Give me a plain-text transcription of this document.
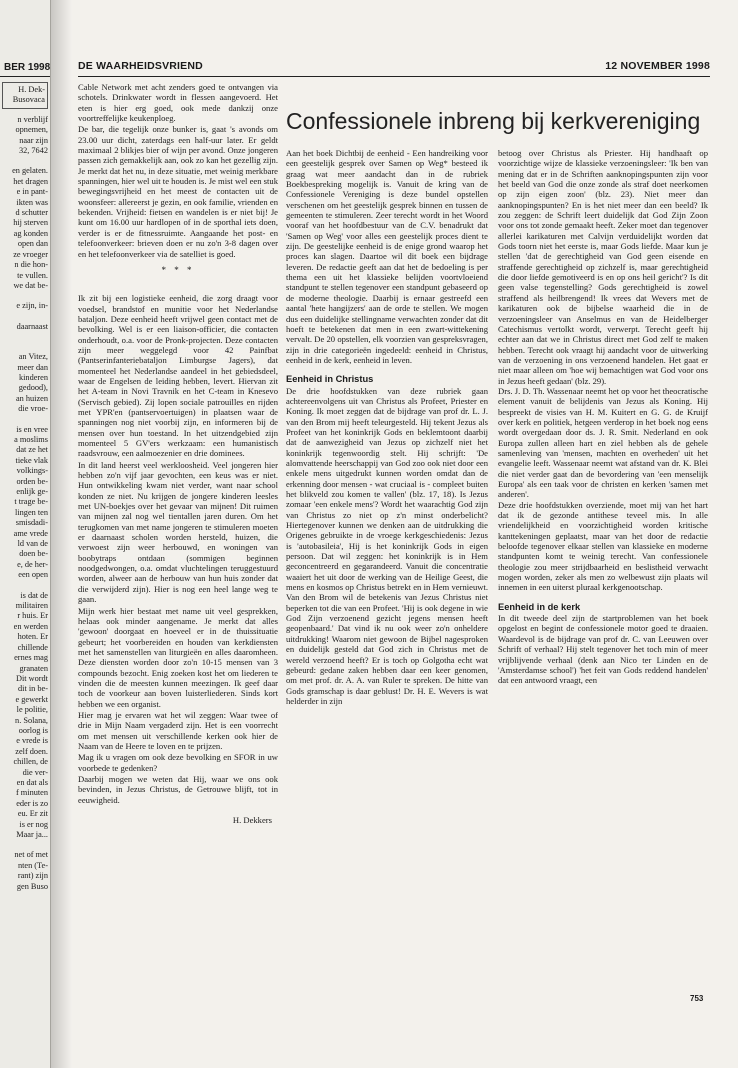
BER 1998
H. Dek-
Busovaca
n verblijf
opnemen,
naar zijn
32, 7642
en gelaten.
het dragen
e in pant-
ikten was
d schutter
hij sterven
ag konden
open dan
ze vroeger
n die hon-
te vullen.
we dat be-
e zijn, in-
daarnaast
an Vitez,
meer dan
kinderen
gedood),
an huizen
die vroe-
is en vree
a moslims
dat ze het
tieke vlak
volkings-
orden be-
enlijk ge-
t trage be-
lingen ten
smisdadi-
ame vrede
ld van de
doen be-
e, de her-
een open
is dat de
militairen
r huis. Er
en werden
hoten. Er
chillende
ernes mag
granaten
Dit wordt
dit in be-
e gewerkt
le politie,
n. Solana,
oorlog is
e vrede is
zelf doen.
chillen, de
die ver-
en dat als
f minuten
eder is zo
eu. Er zit
is er nog
Maar ja...
net of met
nten (Te-
rant) zijn
gen Buso
DE WAARHEIDSVRIEND	12 NOVEMBER 1998

Cable Network met acht zenders goed te ontvangen via schotels. Drinkwater wordt in flessen aangevoerd. Het eten is hier erg goed, ook mede dankzij onze voortreffelijke keukenploeg.

De bar, die tegelijk onze bunker is, gaat 's avonds om 23.00 uur dicht, zaterdags een half-uur later. Er geldt maximaal 2 blikjes bier of wijn per avond. Onze jongeren passen zich gemakkelijk aan, ook zo kan het gezellig zijn. Je merkt dat het nu, in deze situatie, met weinig merkbare spanningen, hier wel uit te houden is. Je mist wel een stuk bewegingsvrijheid en het meest de contacten uit de woonsfeer: allereerst je gezin, en ook familie, vrienden en bekenden. Vrijheid: fietsen en wandelen is er niet bij! Je kunt om 16.00 uur hardlopen of in de sporthal iets doen, verder is er de fitnessruimte. Aangaande het post- en telefoonverkeer: brieven doen er nu zo'n 3-8 dagen over en het telefoonverkeer via de satelliet is goed.

* * *

Ik zit bij een logistieke eenheid, die zorg draagt voor voedsel, brandstof en munitie voor het Nederlandse bataljon. Deze eenheid heeft vrijwel geen contact met de bevolking. Wel is er een liaison-officier, die contacten onderhoudt, o.a. voor de Pronk-projecten. Deze contacten zijn meer weggelegd voor 42 Painfbat (Pantserinfanteriebataljon Limburgse Jagers), dat momenteel het Nederlandse aandeel in het gebiedsdeel, waar de Engelsen de leiding hebben, levert. Hiervan zit het A-team in Novi Travnik en het C-team in Knesevo (Servisch gebied). Zij lopen sociale patrouilles en rijden met YPR'en (pantservoertuigen) in plaatsen waar de spanningen nog niet voorbij zijn, en informeren bij de mensen over hun toestand. In het uitzendgebied zijn momenteel 5 GV'ers werkzaam: een humanistisch raadsvrouw, een aalmoezenier en drie dominees.

In dit land heerst veel werkloosheid. Veel jongeren hier hebben zo'n vijf jaar gevochten, een keus was er niet. Hun ontwikkeling kwam niet verder, want naar school konden ze niet. Nu krijgen de jongere kinderen leesles met UN-boekjes over het gevaar van mijnen! Dit ruimen van mijnen zal nog wel tientallen jaren duren. Om het terugkomen van met name jongeren te stimuleren moeten er daarnaast scholen worden hersteld, huizen, die verwoest zijn weer herbouwd, en woningen van boobytraps ontdaan (sommigen beginnen noodgedwongen, o.a. omdat vluchtelingen teruggestuurd worden, alweer aan de herbouw van hun huis zonder dat die verwijderd zijn). Hier is nog een heel lange weg te gaan.

Mijn werk hier bestaat met name uit veel gesprekken, helaas ook minder aangename. Je merkt dat alles 'gewoon' doorgaat en hoeveel er in de thuissituatie gebeurt; het voorbereiden en houden van kerkdiensten met het samenstellen van liturgieën en alles daaromheen. Deze diensten worden door zo'n 10-15 mensen van 3 compounds bezocht. Enig zoeken kost het om liederen te vinden die de meesten kunnen meezingen. Ik geef daar toch de voorkeur aan boven luisterliederen. Sinds kort hebben we een organist.

Hier mag je ervaren wat het wil zeggen: Waar twee of drie in Mijn Naam vergaderd zijn. Het is een voorrecht om met mensen uit verschillende kerken ook hier de Naam van de Heere te loven en te prijzen.

Mag ik u vragen om ook deze bevolking en SFOR in uw voorbede te gedenken?

Daarbij mogen we weten dat Hij, waar we ons ook bevinden, in Jezus Christus, de Getrouwe blijft, tot in eeuwigheid.

H. Dekkers
Confessionele inbreng bij kerkvereniging

Aan het boek Dichtbij de eenheid - Een handreiking voor een geestelijk gesprek over Samen op Weg* besteed ik graag wat meer aandacht dan in de rubriek Boekbespreking mogelijk is. Vanuit de kring van de Confessionele Vereniging is deze bundel opstellen verschenen om het geestelijk gesprek binnen en tussen de gemeenten te stimuleren. Zeer terecht wordt in het Woord vooraf van het hoofdbestuur van de C.V. benadrukt dat 'Samen op Weg' voor alles een geestelijk proces dient te zijn. De geestelijke eenheid is de enige grond waarop het proces kan slagen. Daartoe wil dit boek een bijdrage leveren. De redactie geeft aan dat het de bedoeling is per thema een uit het klassieke belijden voortvloeiend standpunt te stellen tegenover een standpunt gebaseerd op de moderne theologie. Daarbij is ernaar gestreefd een aantal 'hete hangijzers' aan de orde te stellen. We mogen dus een duidelijke stellingname verwachten zonder dat dit hoeft te betekenen dat men in een zwart-wittekening vervalt. De 20 opstellen, elk voorzien van gespreksvragen, zijn in drie categorieën ingedeeld: eenheid in Christus, eenheid in de kerk, eenheid in leven.

Eenheid in Christus

De drie hoofdstukken van deze rubriek gaan achtereenvolgens uit van Christus als Profeet, Priester en Koning. Ik moet zeggen dat de bijdrage van prof dr. L. J. van den Brom mij heeft teleurgesteld. Hij tekent Jezus als Profeet van het koninkrijk Gods en beklemtoont daarbij dat de aanwezigheid van Jezus op zichzelf niet het koninkrijk tegenwoordig stelt. Hij schrijft: 'De alomvattende heerschappij van God zoo ook niet door een enkele mens uitgedrukt kunnen worden omdat dan de erkenning door mensen - wat cruciaal is - compleet buiten het blikveld zou komen te vallen' (blz. 17, 18). Is Jezus zomaar 'een enkele mens'? Wordt het waarachtig God zijn van Christus zo niet op z'n minst onderbelicht? Hiertegenover kunnen we denken aan de uitdrukking die Origenes gebruikte in de vroege kerkgeschiedenis: Jezus is 'autobasileia', Hij is het koninkrijk Gods in eigen persoon. Dat wil zeggen: het koninkrijk is in Hem geconcentreerd en gegarandeerd. Vanuit die concentratie waaiert het uit door de werking van de Heilige Geest, die mens en kosmos op Christus betrekt en in Hem vernieuwt. Van den Brom wil de betekenis van Jezus Christus niet beperken tot die van een Profeet. 'Hij is ook degene in wie God Zijn verzoenend gezicht jegens mensen heeft geopenbaard.' Dat vind ik nu ook weer zo'n onheldere uitdrukking! Waarom niet gewoon de Bijbel nagesproken en duidelijk gesteld dat God zich in Christus met de wereld verzoend heeft? Er is toch op Golgotha echt wat gebeurd: gedane zaken hebben daar een keer genomen, om met prof. dr. A. A. van Ruler te spreken. De hitte van Gods gramschap is daar geblust! Dr. H. E. Wevers is wat helderder in zijn

betoog over Christus als Priester. Hij handhaaft op voorzichtige wijze de klassieke verzoeningsleer: 'Ik ben van mening dat er in de Schriften aanknopingspunten zijn voor het beeld van God die onze zonde als straf doet neerkomen op zijn eigen zoon' (blz. 23). Niet meer dan aanknopingspunten? En is het niet meer dan een beeld? Ik zou zeggen: de Schrift leert duidelijk dat God Zijn Zoon voor ons tot zonde gemaakt heeft. Zeker moet dan tegenover allerlei karikaturen met Calvijn verduidelijkt worden dat Gods toorn niet het eerste is, maar Gods liefde. Maar kun je stellen 'dat de gerechtigheid van God geen eisende en straffende gerechtigheid op zichzelf is, maar gerechtigheid die door liefde gemotiveerd is en op ons heil gericht'? Is dit geen valse tegenstelling? Gods gerechtigheid is zowel straffend als heilbrengend! Ik vrees dat Wevers met de karikaturen ook de bijbelse waarheid die in de verzoeningsleer van Anselmus en van de Heidelberger Catechismus vertolkt wordt, verwerpt. Terecht geeft hij echter aan dat we in Christus direct met God zelf te maken hebben. Terecht ook vraagt hij aandacht voor de uitwerking van de verzoening in ons verzoenend handelen. Het gaat er niet maar alleen om 'hoe wij bemachtigen wat God voor ons in Jezus heeft gedaan' (blz. 29).

Drs. J. D. Th. Wassenaar neemt het op voor het theocratische element vanuit de belijdenis van Jezus als Koning. Hij bespreekt de visies van H. M. Kuitert en G. G. de Kruijf over kerk en politiek, hetgeen verderop in het boek nog eens wordt overgedaan door ds. J. R. Smit. Nederland en ook Europa zullen alleen hart en ziel hebben als de gehele samenleving van 'mensen, machten en overheden' uit het evangelie leeft. Wassenaar neemt wat afstand van dr. K. Blei die niet verder gaat dan de bevordering van 'een menselijk Europa' als een taak voor de christen en kerken 'samen met anderen'.

Deze drie hoofdstukken overziende, moet mij van het hart dat ik de gezonde antithese teveel mis. In alle vriendelijkheid en voorzichtigheid worden kritische kanttekeningen geplaatst, maar van het door de redactie beloofde tegenover elkaar stellen van klassieke en moderne standpunten komt te weinig terecht. Van confessionele theologie zou meer strijdbaarheid en beslistheid verwacht mogen worden, zeker als men zo welbewust zijn plaats wil innemen in een uiterst pluraal kerkgenootschap.

Eenheid in de kerk

In dit tweede deel zijn de startproblemen van het boek opgelost en begint de confessionele motor goed te draaien. Waardevol is de bijdrage van prof dr. C. van Leeuwen over Schrift of verhaal? Hij stelt tegenover het toch min of meer vrijblijvende verhaal (denk aan Nico ter Linden en de 'Amsterdamse school') 'het feit van Gods reddend handelen' dat een antwoord vraagt, een

753
